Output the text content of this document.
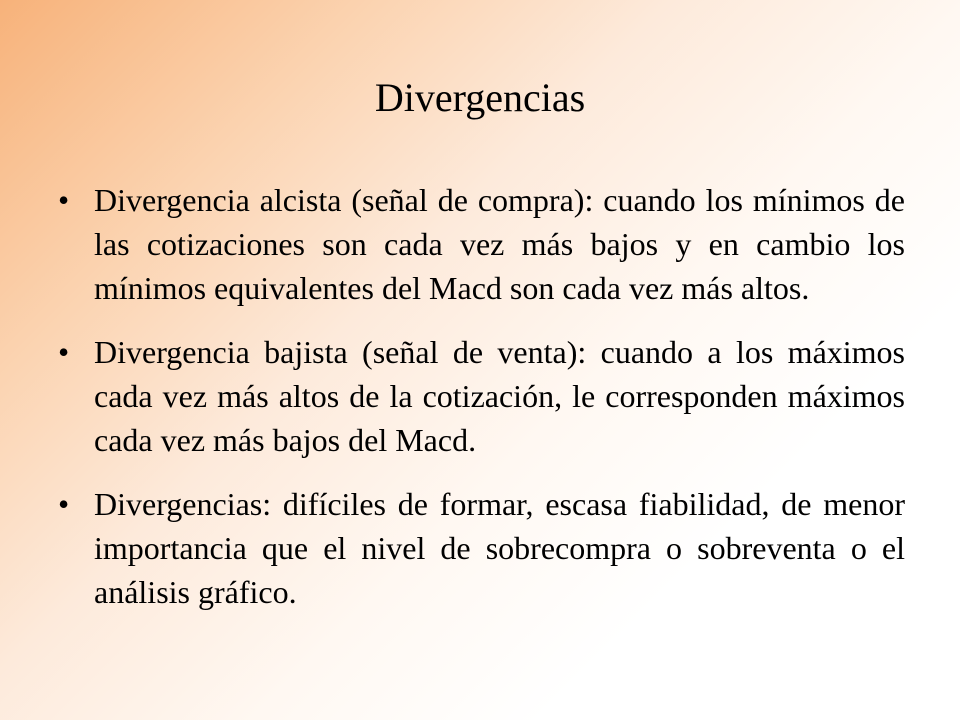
Divergencias
• Divergencia alcista (señal de compra): cuando los mínimos de las cotizaciones son cada vez más bajos y en cambio los mínimos equivalentes del Macd son cada vez más altos.
• Divergencia bajista (señal de venta): cuando a los máximos cada vez más altos de la cotización, le corresponden máximos cada vez más bajos del Macd.
• Divergencias: difíciles de formar, escasa fiabilidad, de menor importancia que el nivel de sobrecompra o sobreventa o el análisis gráfico.
